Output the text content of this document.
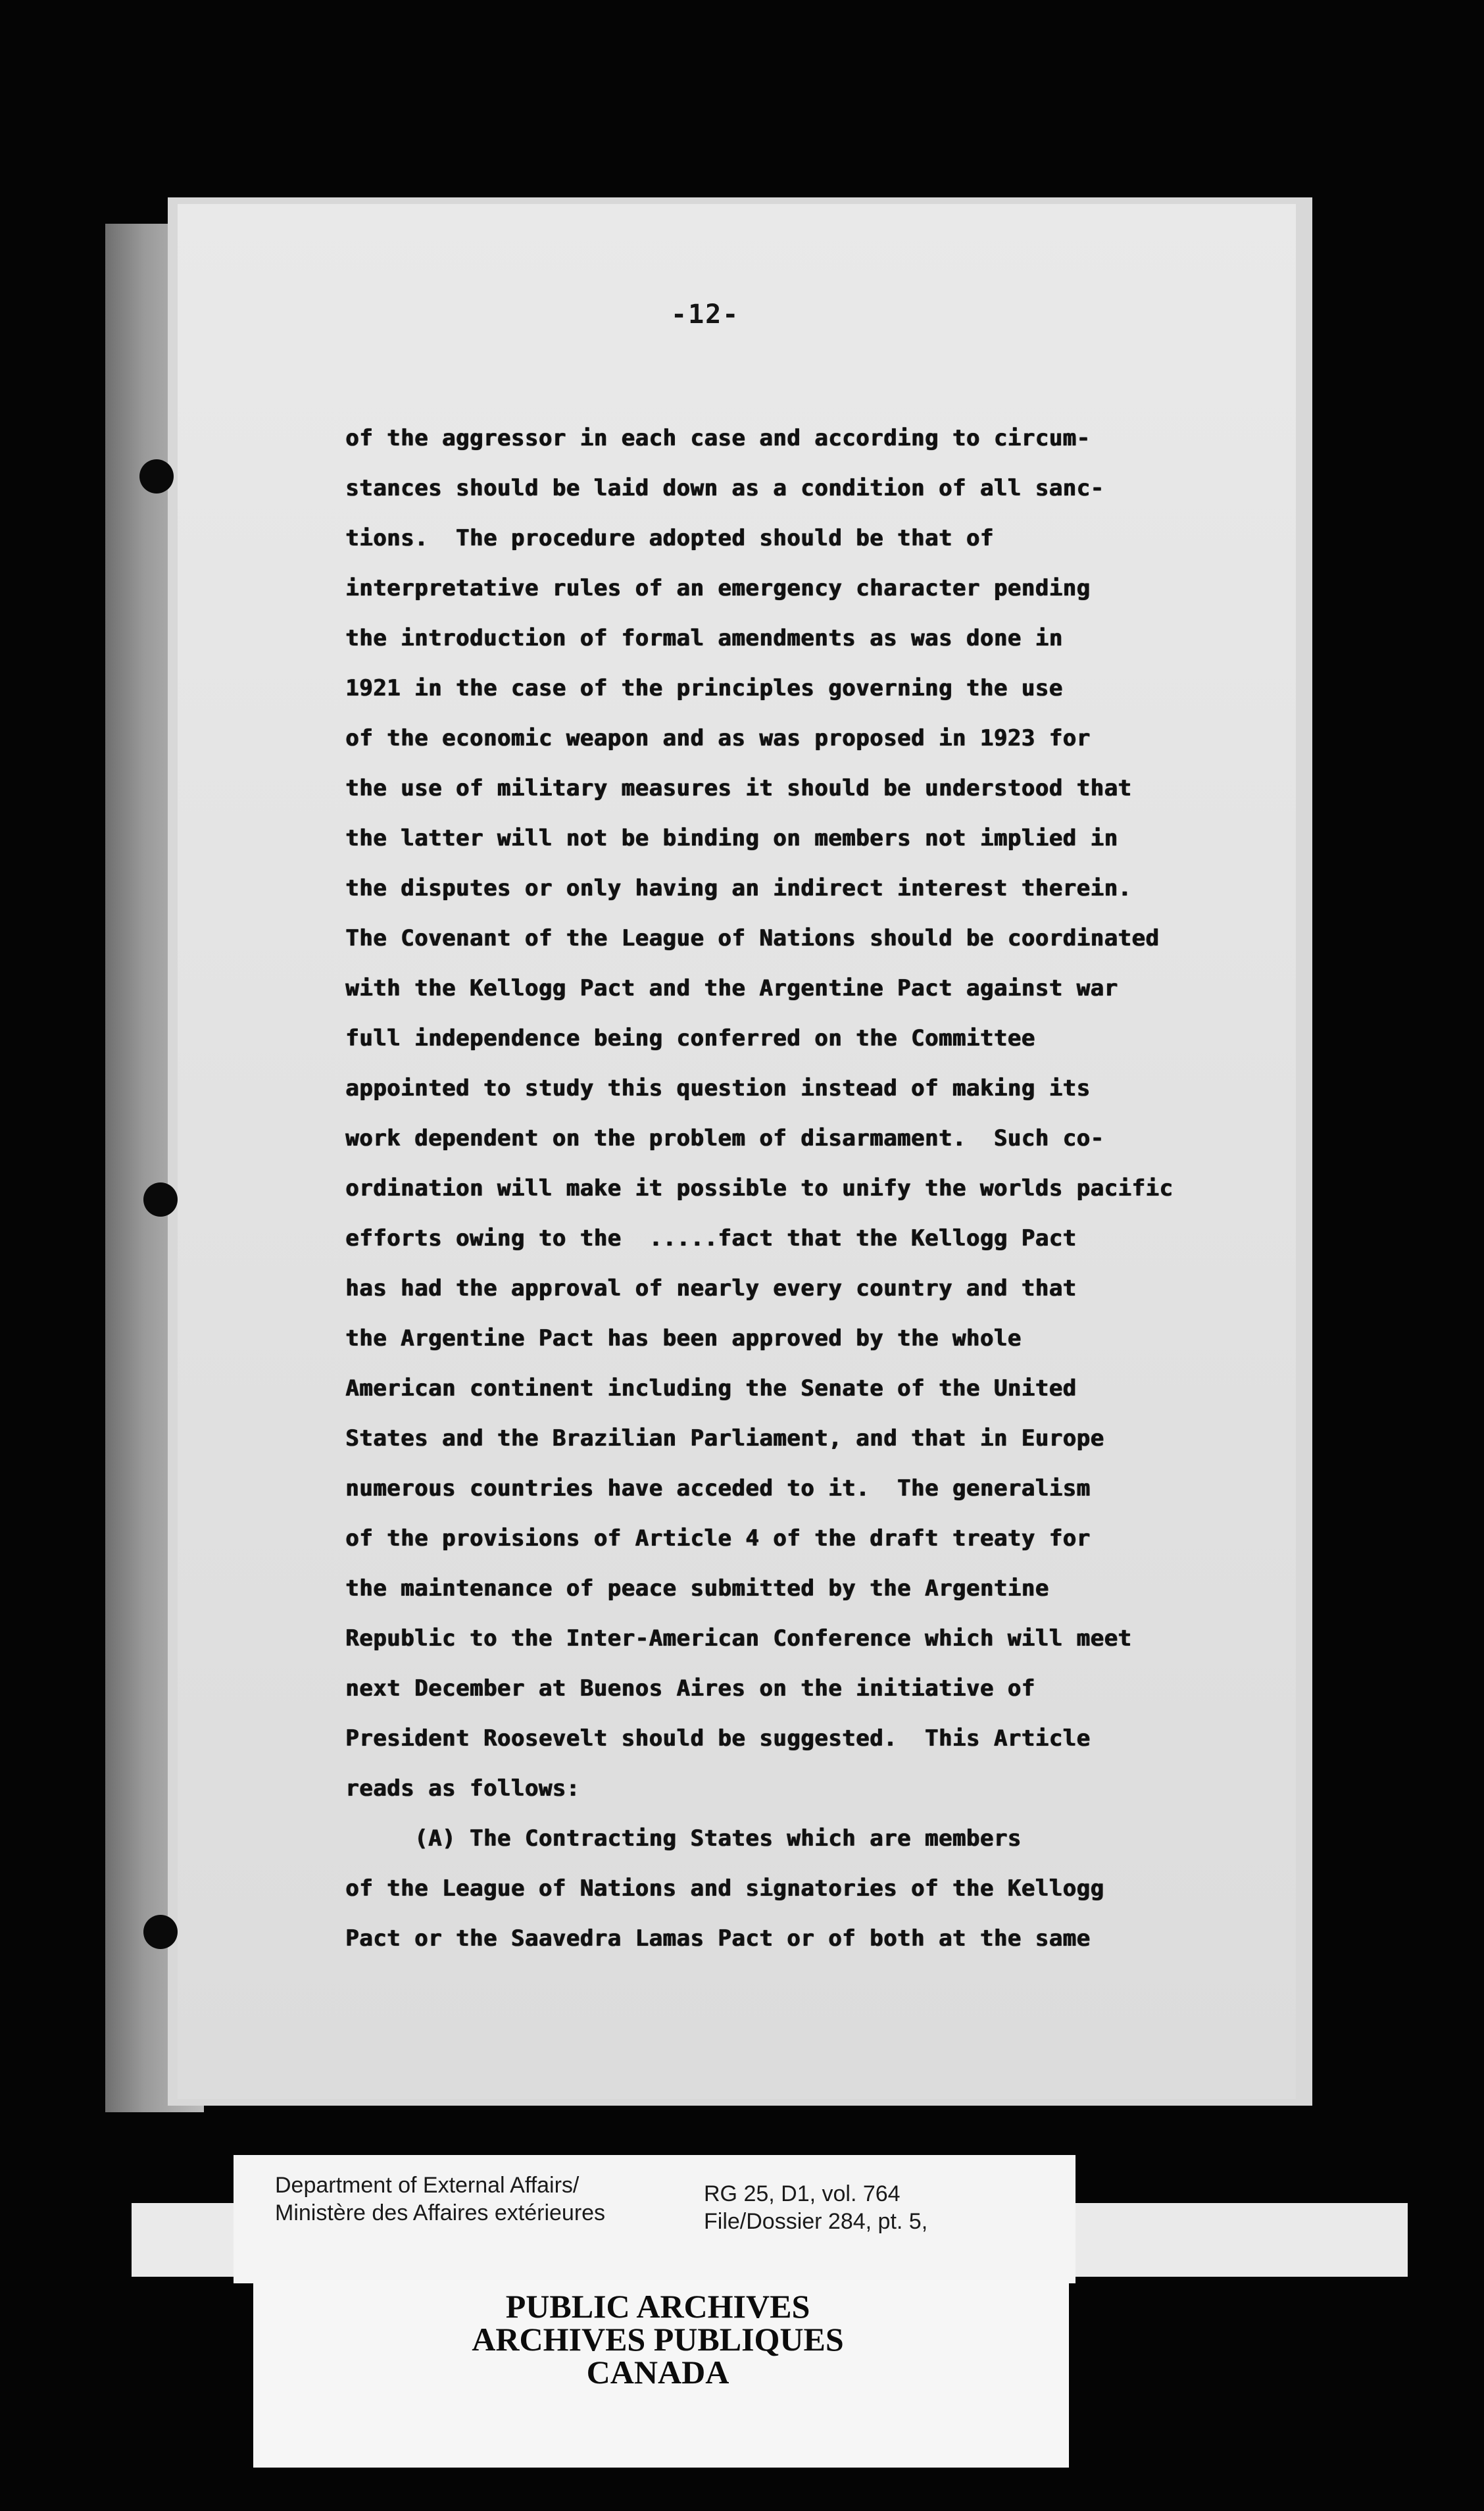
-12-
of the aggressor in each case and according to circum-
stances should be laid down as a condition of all sanc-
tions.  The procedure adopted should be that of
interpretative rules of an emergency character pending
the introduction of formal amendments as was done in
1921 in the case of the principles governing the use
of the economic weapon and as was proposed in 1923 for
the use of military measures it should be understood that
the latter will not be binding on members not implied in
the disputes or only having an indirect interest therein.
The Covenant of the League of Nations should be coordinated
with the Kellogg Pact and the Argentine Pact against war
full independence being conferred on the Committee
appointed to study this question instead of making its
work dependent on the problem of disarmament.  Such co-
ordination will make it possible to unify the worlds pacific
efforts owing to the  .....fact that the Kellogg Pact
has had the approval of nearly every country and that
the Argentine Pact has been approved by the whole
American continent including the Senate of the United
States and the Brazilian Parliament, and that in Europe
numerous countries have acceded to it.  The generalism
of the provisions of Article 4 of the draft treaty for
the maintenance of peace submitted by the Argentine
Republic to the Inter-American Conference which will meet
next December at Buenos Aires on the initiative of
President Roosevelt should be suggested.  This Article
reads as follows:
(A) The Contracting States which are members
of the League of Nations and signatories of the Kellogg
Pact or the Saavedra Lamas Pact or of both at the same
Department of External Affairs/
Ministère des Affaires extérieures
RG 25, D1, vol. 764
File/Dossier 284, pt. 5,
PUBLIC ARCHIVES
ARCHIVES PUBLIQUES
CANADA
